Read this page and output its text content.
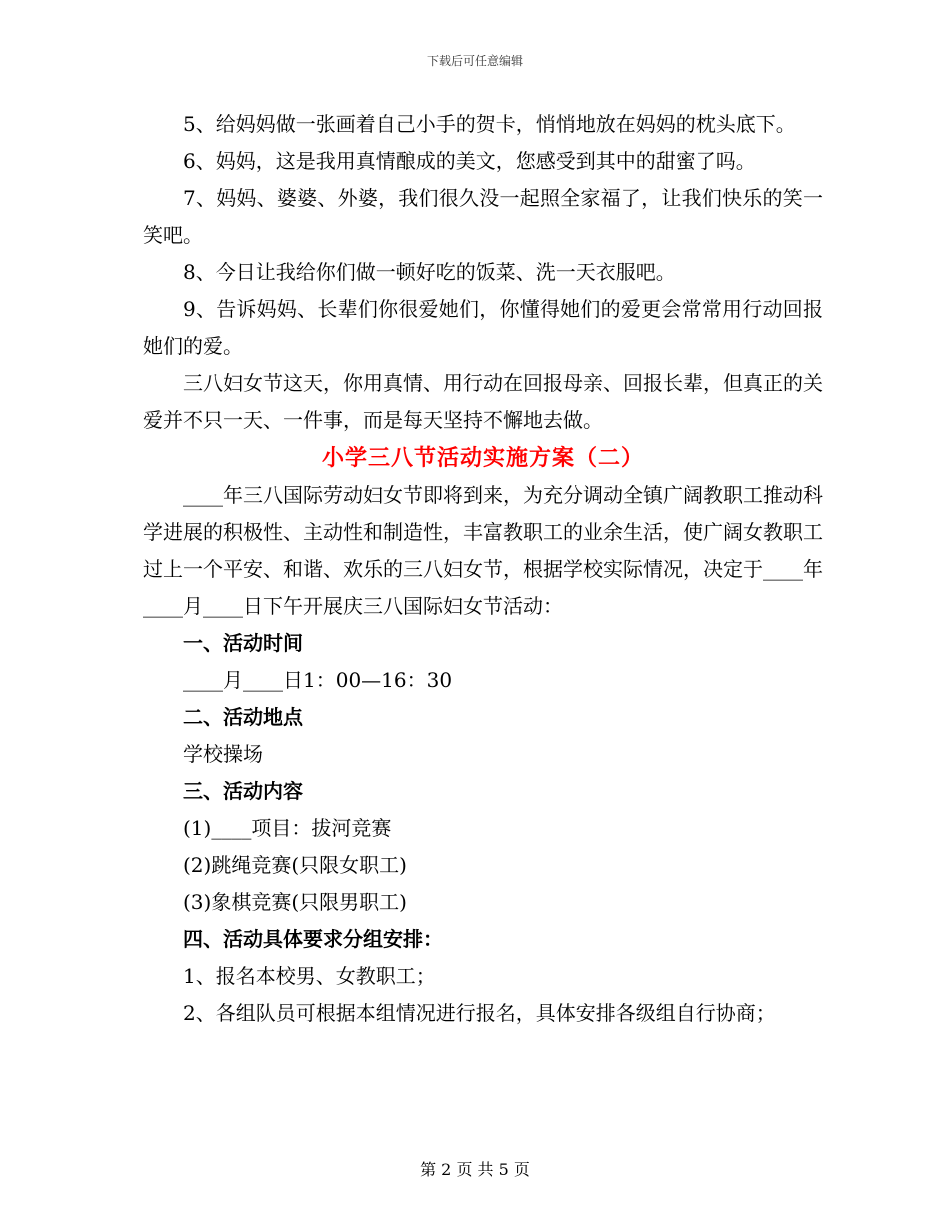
下载后可任意编辑

5、给妈妈做一张画着自己小手的贺卡，悄悄地放在妈妈的枕头底下。

6、妈妈，这是我用真情酿成的美文，您感受到其中的甜蜜了吗。

7、妈妈、婆婆、外婆，我们很久没一起照全家福了，让我们快乐的笑一笑吧。

8、今日让我给你们做一顿好吃的饭菜、洗一天衣服吧。

9、告诉妈妈、长辈们你很爱她们，你懂得她们的爱更会常常用行动回报她们的爱。

三八妇女节这天，你用真情、用行动在回报母亲、回报长辈，但真正的关爱并不只一天、一件事，而是每天坚持不懈地去做。

小学三八节活动实施方案（二）

____年三八国际劳动妇女节即将到来，为充分调动全镇广阔教职工推动科学进展的积极性、主动性和制造性，丰富教职工的业余生活，使广阔女教职工过上一个平安、和谐、欢乐的三八妇女节，根据学校实际情况，决定于____年____月____日下午开展庆三八国际妇女节活动：

一、活动时间

____月____日1：00—16：30

二、活动地点

学校操场

三、活动内容

(1)____项目：拔河竞赛

(2)跳绳竞赛(只限女职工)

(3)象棋竞赛(只限男职工)

四、活动具体要求分组安排：

1、报名本校男、女教职工；

2、各组队员可根据本组情况进行报名，具体安排各级组自行协商；

第 2 页 共 5 页
